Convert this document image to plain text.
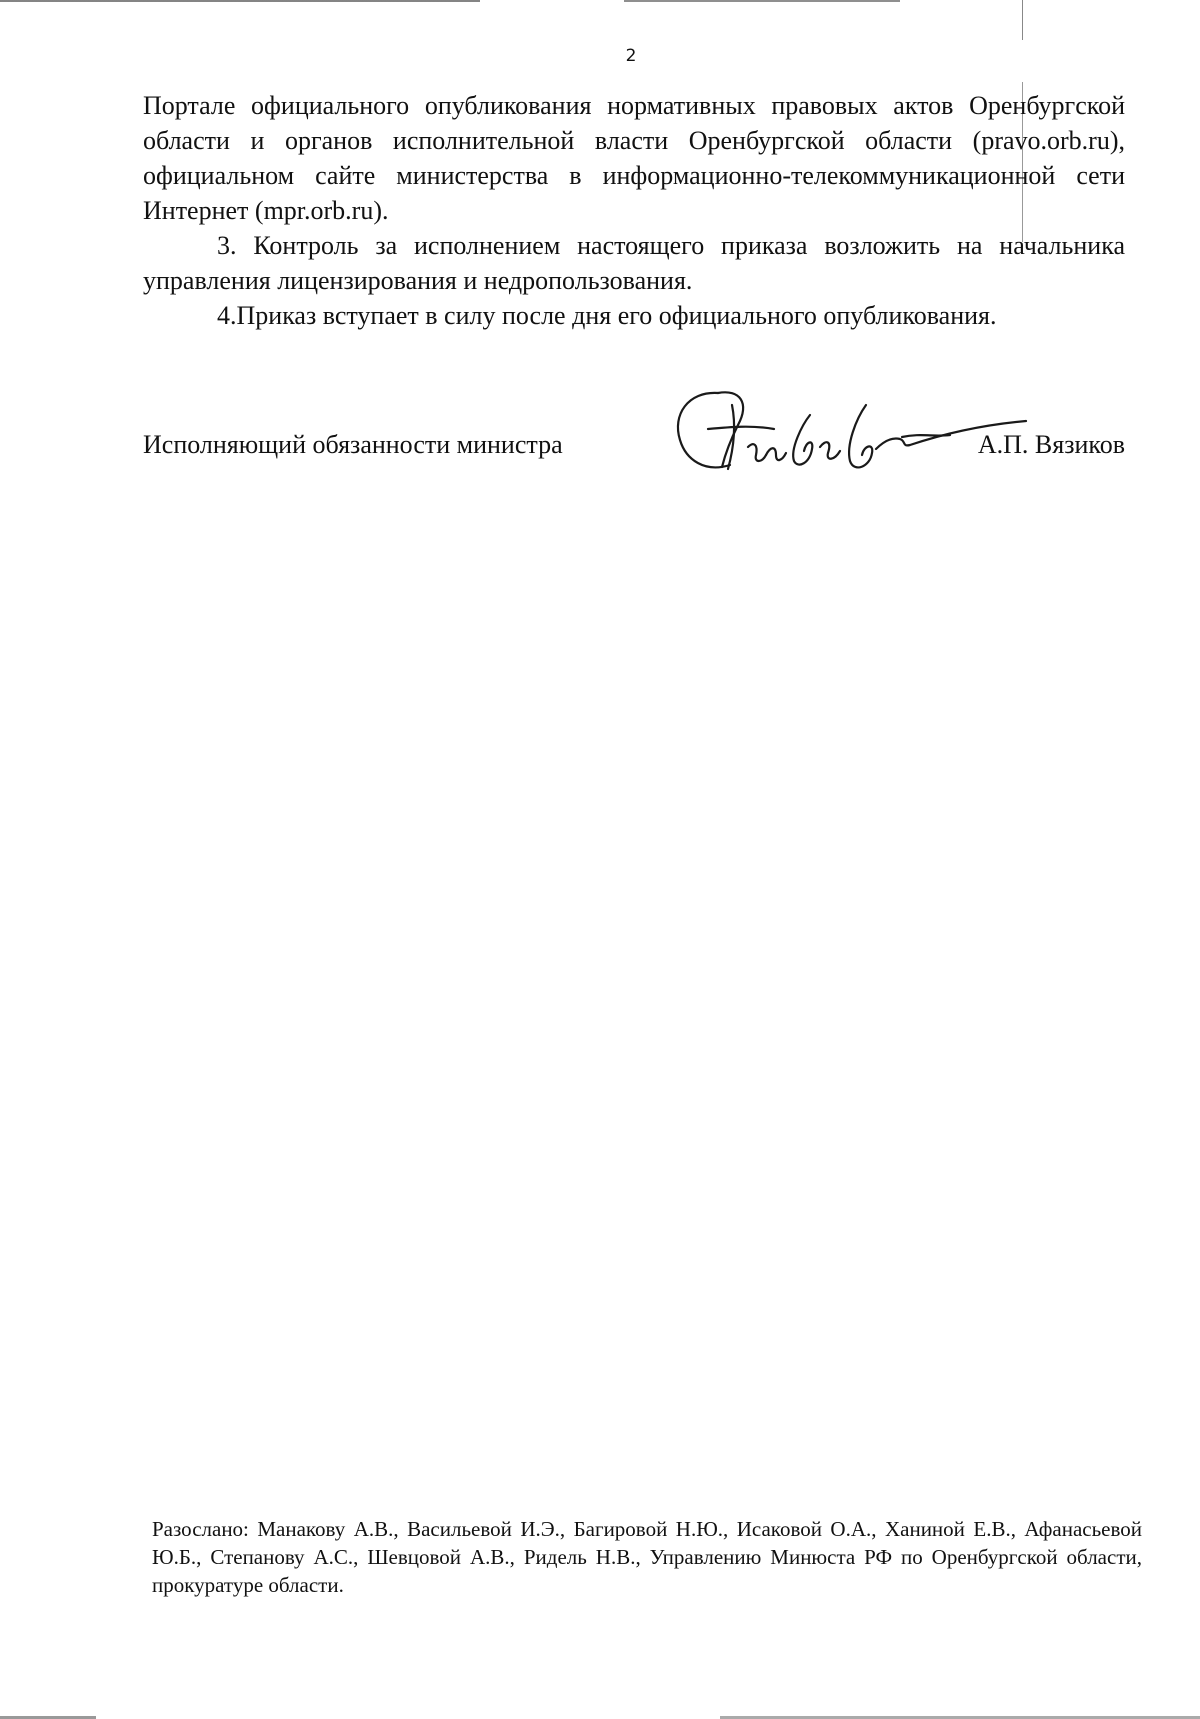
2

Портале официального опубликования нормативных правовых актов Оренбургской области и органов исполнительной власти Оренбургской области (pravo.orb.ru), официальном сайте министерства в информационно-телекоммуникационной сети Интернет (mpr.orb.ru).

3. Контроль за исполнением настоящего приказа возложить на начальника управления лицензирования и недропользования.

4.Приказ вступает в силу после дня его официального опубликования.

Исполняющий обязанности министра	А.П. Вязиков
Разослано: Манакову А.В., Васильевой И.Э., Багировой Н.Ю., Исаковой О.А., Ханиной Е.В., Афанасьевой Ю.Б., Степанову А.С., Шевцовой А.В., Ридель Н.В., Управлению Минюста РФ по Оренбургской области, прокуратуре области.
